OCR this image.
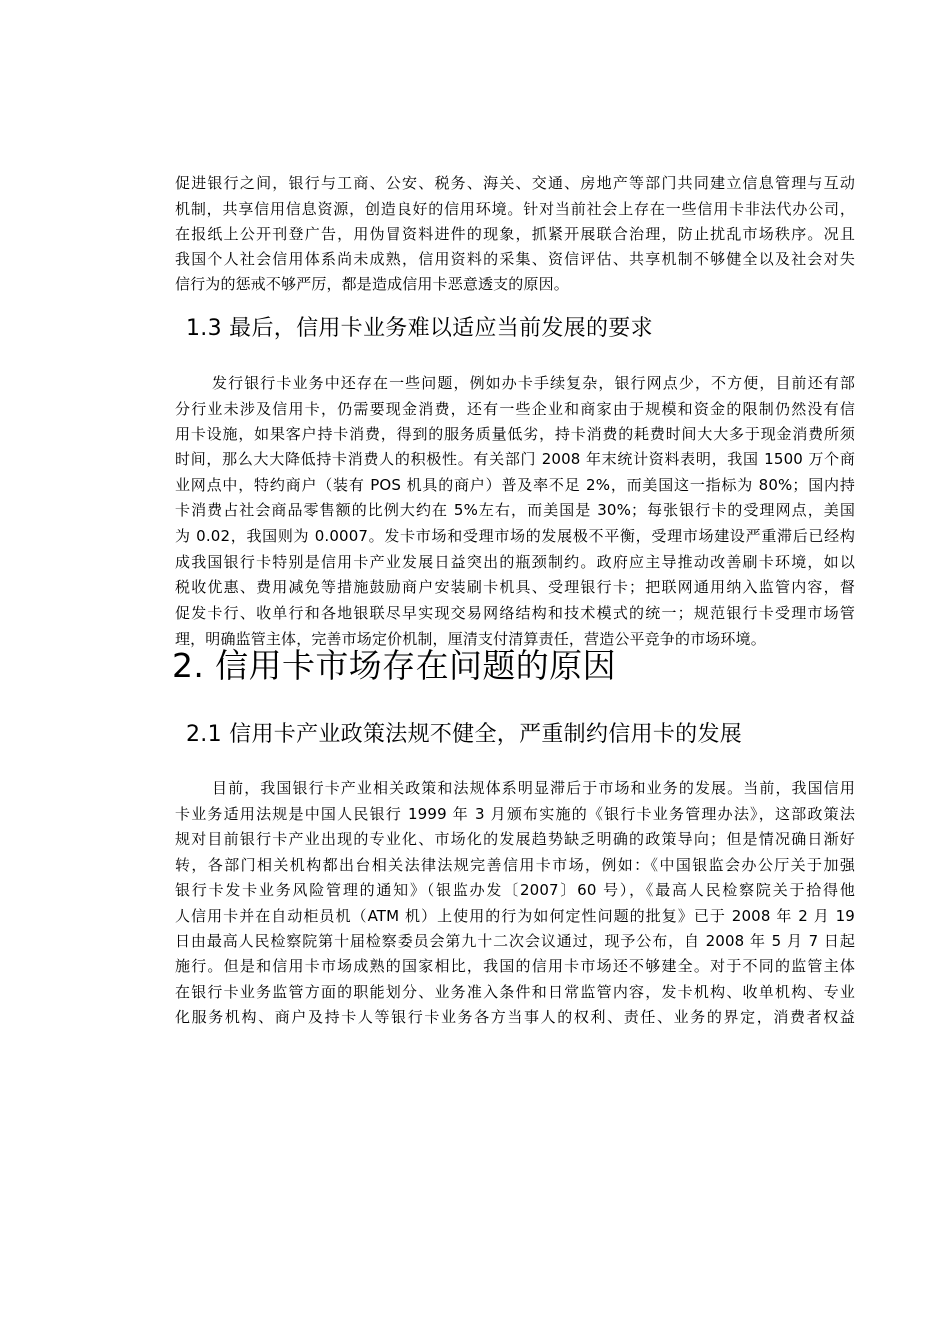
促进银行之间，银行与工商、公安、税务、海关、交通、房地产等部门共同建立信息管理与互动
机制，共享信用信息资源，创造良好的信用环境。针对当前社会上存在一些信用卡非法代办公司，
在报纸上公开刊登广告，用伪冒资料进件的现象，抓紧开展联合治理，防止扰乱市场秩序。况且
我国个人社会信用体系尚未成熟，信用资料的采集、资信评估、共享机制不够健全以及社会对失
信行为的惩戒不够严厉，都是造成信用卡恶意透支的原因。
1.3 最后，信用卡业务难以适应当前发展的要求
发行银行卡业务中还存在一些问题，例如办卡手续复杂，银行网点少，不方便，目前还有部
分行业未涉及信用卡，仍需要现金消费，还有一些企业和商家由于规模和资金的限制仍然没有信
用卡设施，如果客户持卡消费，得到的服务质量低劣，持卡消费的耗费时间大大多于现金消费所须
时间，那么大大降低持卡消费人的积极性。有关部门 2008 年末统计资料表明，我国 1500 万个商
业网点中，特约商户（装有 POS 机具的商户）普及率不足 2%，而美国这一指标为 80%；国内持
卡消费占社会商品零售额的比例大约在 5%左右，而美国是 30%；每张银行卡的受理网点，美国
为 0.02，我国则为 0.0007。发卡市场和受理市场的发展极不平衡，受理市场建设严重滞后已经构
成我国银行卡特别是信用卡产业发展日益突出的瓶颈制约。政府应主导推动改善刷卡环境，如以
税收优惠、费用减免等措施鼓励商户安装刷卡机具、受理银行卡；把联网通用纳入监管内容，督
促发卡行、收单行和各地银联尽早实现交易网络结构和技术模式的统一；规范银行卡受理市场管
理，明确监管主体，完善市场定价机制，厘清支付清算责任，营造公平竞争的市场环境。
2. 信用卡市场存在问题的原因
2.1 信用卡产业政策法规不健全，严重制约信用卡的发展
目前，我国银行卡产业相关政策和法规体系明显滞后于市场和业务的发展。当前，我国信用
卡业务适用法规是中国人民银行 1999 年 3 月颁布实施的《银行卡业务管理办法》，这部政策法
规对目前银行卡产业出现的专业化、市场化的发展趋势缺乏明确的政策导向；但是情况确日渐好
转，各部门相关机构都出台相关法律法规完善信用卡市场，例如：《中国银监会办公厅关于加强
银行卡发卡业务风险管理的通知》（银监办发〔2007〕60 号），《最高人民检察院关于拾得他
人信用卡并在自动柜员机（ATM 机）上使用的行为如何定性问题的批复》已于 2008 年 2 月 19
日由最高人民检察院第十届检察委员会第九十二次会议通过，现予公布，自 2008 年 5 月 7 日起
施行。但是和信用卡市场成熟的国家相比，我国的信用卡市场还不够建全。对于不同的监管主体
在银行卡业务监管方面的职能划分、业务准入条件和日常监管内容，发卡机构、收单机构、专业
化服务机构、商户及持卡人等银行卡业务各方当事人的权利、责任、业务的界定，消费者权益
